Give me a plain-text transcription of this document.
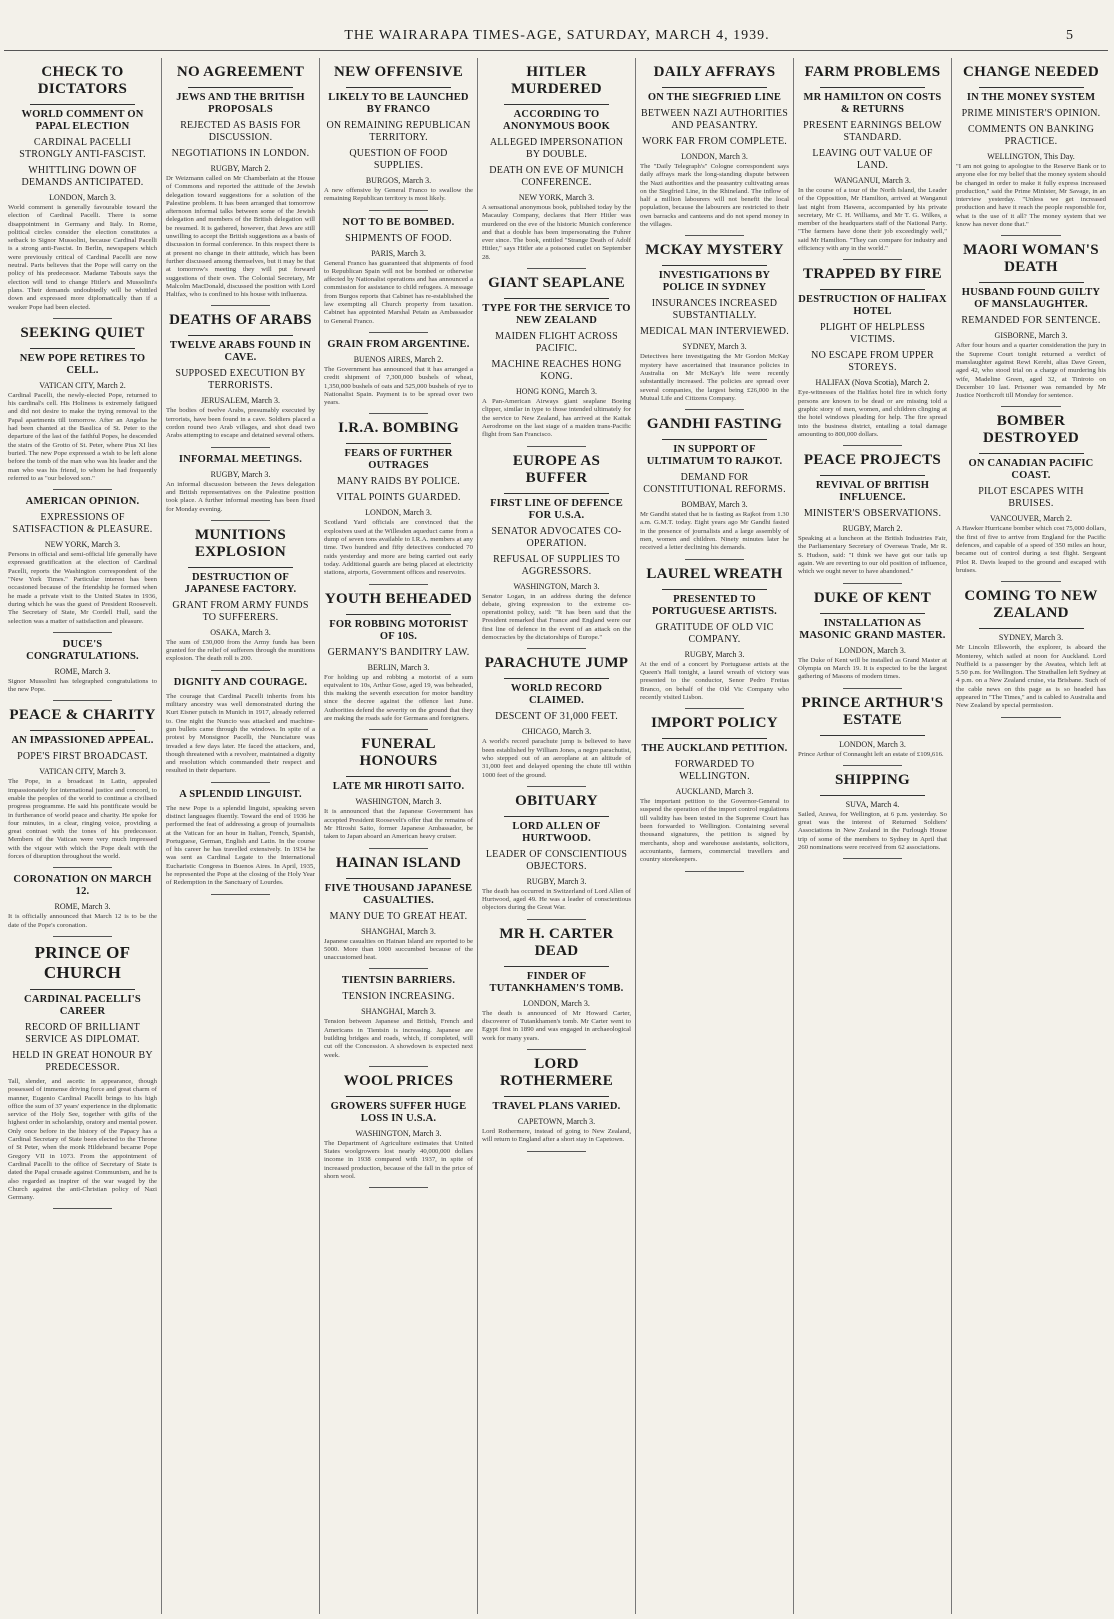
THE WAIRARAPA TIMES-AGE, SATURDAY, MARCH 4, 1939.	5
CHECK TO DICTATORS
WORLD COMMENT ON PAPAL ELECTION
CARDINAL PACELLI STRONGLY ANTI-FASCIST.
WHITTLING DOWN OF DEMANDS ANTICIPATED.
LONDON, March 3.

World comment is generally favourable toward the election of Cardinal Pacelli. There is some disappointment in Germany and Italy. In Rome, political circles consider the election constitutes a setback to Signor Mussolini, because Cardinal Pacelli is a strong anti-Fascist. In Berlin, newspapers which were previously critical of Cardinal Pacelli are now neutral. Paris believes that the Pope will carry on the policy of his predecessor. Madame Tabouis says the election will tend to change Hitler's and Mussolini's plans. Their demands undoubtedly will be whittled down and expressed more diplomatically than if a weaker Pope had been elected.

SEEKING QUIET
NEW POPE RETIRES TO CELL.
VATICAN CITY, March 2.

Cardinal Pacelli, the newly-elected Pope, returned to his cardinal's cell. His Holiness is extremely fatigued and did not desire to make the trying removal to the Papal apartments till tomorrow. After an Angelus he had been chanted at the Basilica of St. Peter to the departure of the last of the faithful Popes, he descended the stairs of the Grotto of St. Peter, where Pius XI lies buried. The new Pope expressed a wish to be left alone before the tomb of the man who was his leader and the man who was his friend, to whom he had frequently referred to as "our beloved son."

AMERICAN OPINION.
EXPRESSIONS OF SATISFACTION & PLEASURE.
NEW YORK, March 3.

Persons in official and semi-official life generally have expressed gratification at the election of Cardinal Pacelli, reports the Washington correspondent of the "New York Times." Particular interest has been occasioned because of the friendship he formed when he made a private visit to the United States in 1936, during which he was the guest of President Roosevelt. The Secretary of State, Mr Cordell Hull, said the selection was a matter of satisfaction and pleasure.

DUCE'S CONGRATULATIONS.
ROME, March 3.

Signor Mussolini has telegraphed congratulations to the new Pope.

PEACE & CHARITY
AN IMPASSIONED APPEAL.
POPE'S FIRST BROADCAST.
VATICAN CITY, March 3.

The Pope, in a broadcast in Latin, appealed impassionately for international justice and concord, to enable the peoples of the world to continue a civilised progress programme. He said his pontificate would be in furtherance of world peace and charity. He spoke for four minutes, in a clear, ringing voice, providing a great contrast with the tones of his predecessor. Members of the Vatican were very much impressed with the vigour with which the Pope dealt with the forces of disruption throughout the world.

CORONATION ON MARCH 12.
ROME, March 3.

It is officially announced that March 12 is to be the date of the Pope's coronation.

PRINCE OF CHURCH
CARDINAL PACELLI'S CAREER
RECORD OF BRILLIANT SERVICE AS DIPLOMAT.
HELD IN GREAT HONOUR BY PREDECESSOR.

Tall, slender, and ascetic in appearance, though possessed of immense driving force and great charm of manner, Eugenio Cardinal Pacelli brings to his high office the sum of 37 years' experience in the diplomatic service of the Holy See, together with gifts of the highest order in scholarship, oratory and mental power. Only once before in the history of the Papacy has a Cardinal Secretary of State been elected to the Throne of St Peter, when the monk Hildebrand became Pope Gregory VII in 1073. From the appointment of Cardinal Pacelli to the office of Secretary of State is dated the Papal crusade against Communism, and he is also regarded as inspirer of the war waged by the Church against the anti-Christian policy of Nazi Germany.

NO AGREEMENT
JEWS AND THE BRITISH PROPOSALS
REJECTED AS BASIS FOR DISCUSSION.
NEGOTIATIONS IN LONDON.
RUGBY, March 2.

Dr Weizmann called on Mr Chamberlain at the House of Commons and reported the attitude of the Jewish delegation toward suggestions for a solution of the Palestine problem. It has been arranged that tomorrow afternoon informal talks between some of the Jewish delegation and members of the British delegation will be resumed. It is gathered, however, that Jews are still unwilling to accept the British suggestions as a basis of discussion in formal conference. In this respect there is at present no change in their attitude, which has been further discussed among themselves, but it may be that at tomorrow's meeting they will put forward suggestions of their own. The Colonial Secretary, Mr Malcolm MacDonald, discussed the position with Lord Halifax, who is confined to his house with influenza.

DEATHS OF ARABS
TWELVE ARABS FOUND IN CAVE.
SUPPOSED EXECUTION BY TERRORISTS.
JERUSALEM, March 3.

The bodies of twelve Arabs, presumably executed by terrorists, have been found in a cave. Soldiers placed a cordon round two Arab villages, and shot dead two Arabs attempting to escape and detained several others.

INFORMAL MEETINGS.
RUGBY, March 3.

An informal discussion between the Jews delegation and British representatives on the Palestine position took place. A further informal meeting has been fixed for Monday evening.

MUNITIONS EXPLOSION
DESTRUCTION OF JAPANESE FACTORY.
GRANT FROM ARMY FUNDS TO SUFFERERS.
OSAKA, March 3.

The sum of £30,000 from the Army funds has been granted for the relief of sufferers through the munitions explosion. The death roll is 200.

DIGNITY AND COURAGE.

The courage that Cardinal Pacelli inherits from his military ancestry was well demonstrated during the Kurt Eisner putsch in Munich in 1917, already referred to. One night the Nuncio was attacked and machine-gun bullets came through the windows. In spite of a protest by Monsignor Pacelli, the Nunciature was invaded a few days later. He faced the attackers, and, though threatened with a revolver, maintained a dignity and resolution which commanded their respect and resulted in their departure.

A SPLENDID LINGUIST.

The new Pope is a splendid linguist, speaking seven distinct languages fluently. Toward the end of 1936 he performed the feat of addressing a group of journalists at the Vatican for an hour in Italian, French, Spanish, Portuguese, German, English and Latin. In the course of his career he has travelled extensively. In 1934 he was sent as Cardinal Legate to the International Eucharistic Congress in Buenos Aires. In April, 1935, he represented the Pope at the closing of the Holy Year of Redemption in the Sanctuary of Lourdes.

NEW OFFENSIVE
LIKELY TO BE LAUNCHED BY FRANCO
ON REMAINING REPUBLICAN TERRITORY.
QUESTION OF FOOD SUPPLIES.
BURGOS, March 3.

A new offensive by General Franco to swallow the remaining Republican territory is most likely.

NOT TO BE BOMBED.
SHIPMENTS OF FOOD.
PARIS, March 3.

General Franco has guaranteed that shipments of food to Republican Spain will not be bombed or otherwise affected by Nationalist operations and has announced a commission for assistance to child refugees. A message from Burgos reports that Cabinet has re-established the law exempting all Church property from taxation. Cabinet has appointed Marshal Petain as Ambassador to General Franco.

GRAIN FROM ARGENTINE.
BUENOS AIRES, March 2.

The Government has announced that it has arranged a credit shipment of 7,300,000 bushels of wheat, 1,350,000 bushels of oats and 525,000 bushels of rye to Nationalist Spain. Payment is to be spread over two years.

I.R.A. BOMBING
FEARS OF FURTHER OUTRAGES
MANY RAIDS BY POLICE.
VITAL POINTS GUARDED.
LONDON, March 3.

Scotland Yard officials are convinced that the explosives used at the Willesden aqueduct came from a dump of seven tons available to I.R.A. members at any time. Two hundred and fifty detectives conducted 70 raids yesterday and more are being carried out early today. Additional guards are being placed at electricity stations, airports, Government offices and reservoirs.

YOUTH BEHEADED
FOR ROBBING MOTORIST OF 10S.
GERMANY'S BANDITRY LAW.
BERLIN, March 3.

For holding up and robbing a motorist of a sum equivalent to 10s, Arthur Gose, aged 19, was beheaded, this making the seventh execution for motor banditry since the decree against the offence last June. Authorities defend the severity on the ground that they are making the roads safe for Germans and foreigners.

FUNERAL HONOURS
LATE MR HIROTI SAITO.
WASHINGTON, March 3.

It is announced that the Japanese Government has accepted President Roosevelt's offer that the remains of Mr Hiroshi Saito, former Japanese Ambassador, be taken to Japan aboard an American heavy cruiser.

HAINAN ISLAND
FIVE THOUSAND JAPANESE CASUALTIES.
MANY DUE TO GREAT HEAT.
SHANGHAI, March 3.

Japanese casualties on Hainan Island are reported to be 5000. More than 1000 succumbed because of the unaccustomed heat.

TIENTSIN BARRIERS.
TENSION INCREASING.
SHANGHAI, March 3.

Tension between Japanese and British, French and Americans in Tientsin is increasing. Japanese are building bridges and roads, which, if completed, will cut off the Concession. A showdown is expected next week.

WOOL PRICES
GROWERS SUFFER HUGE LOSS IN U.S.A.
WASHINGTON, March 3.

The Department of Agriculture estimates that United States woolgrowers lost nearly 40,000,000 dollars income in 1938 compared with 1937, in spite of increased production, because of the fall in the price of shorn wool.

HITLER MURDERED
ACCORDING TO ANONYMOUS BOOK
ALLEGED IMPERSONATION BY DOUBLE.
DEATH ON EVE OF MUNICH CONFERENCE.
NEW YORK, March 3.

A sensational anonymous book, published today by the Macaulay Company, declares that Herr Hitler was murdered on the eve of the historic Munich conference and that a double has been impersonating the Fuhrer ever since. The book, entitled "Strange Death of Adolf Hitler," says Hitler ate a poisoned cutlet on September 28.

GIANT SEAPLANE
TYPE FOR THE SERVICE TO NEW ZEALAND
MAIDEN FLIGHT ACROSS PACIFIC.
MACHINE REACHES HONG KONG.
HONG KONG, March 3.

A Pan-American Airways giant seaplane Boeing clipper, similar in type to those intended ultimately for the service to New Zealand, has arrived at the Kaitak Aerodrome on the last stage of a maiden trans-Pacific flight from San Francisco.

EUROPE AS BUFFER
FIRST LINE OF DEFENCE FOR U.S.A.
SENATOR ADVOCATES CO-OPERATION.
REFUSAL OF SUPPLIES TO AGGRESSORS.
WASHINGTON, March 3.

Senator Logan, in an address during the defence debate, giving expression to the extreme co-operationist policy, said: "It has been said that the President remarked that France and England were our first line of defence in the event of an attack on the democracies by the dictatorships of Europe."

PARACHUTE JUMP
WORLD RECORD CLAIMED.
DESCENT OF 31,000 FEET.
CHICAGO, March 3.

A world's record parachute jump is believed to have been established by William Jones, a negro parachutist, who stepped out of an aeroplane at an altitude of 31,000 feet and delayed opening the chute till within 1000 feet of the ground.

OBITUARY
LORD ALLEN OF HURTWOOD.
LEADER OF CONSCIENTIOUS OBJECTORS.
RUGBY, March 3.

The death has occurred in Switzerland of Lord Allen of Hurtwood, aged 49. He was a leader of conscientious objectors during the Great War.

MR H. CARTER DEAD
FINDER OF TUTANKHAMEN'S TOMB.
LONDON, March 3.

The death is announced of Mr Howard Carter, discoverer of Tutankhamen's tomb. Mr Carter went to Egypt first in 1890 and was engaged in archaeological work for many years.

LORD ROTHERMERE
TRAVEL PLANS VARIED.
CAPETOWN, March 3.

Lord Rothermere, instead of going to New Zealand, will return to England after a short stay in Capetown.

DAILY AFFRAYS
ON THE SIEGFRIED LINE
BETWEEN NAZI AUTHORITIES AND PEASANTRY.
WORK FAR FROM COMPLETE.
LONDON, March 3.

The "Daily Telegraph's" Cologne correspondent says daily affrays mark the long-standing dispute between the Nazi authorities and the peasantry cultivating areas on the Siegfried Line, in the Rhineland. The inflow of half a million labourers will not benefit the local population, because the labourers are restricted to their own barracks and canteens and do not spend money in the villages.

MCKAY MYSTERY
INVESTIGATIONS BY POLICE IN SYDNEY
INSURANCES INCREASED SUBSTANTIALLY.
MEDICAL MAN INTERVIEWED.
SYDNEY, March 3.

Detectives here investigating the Mr Gordon McKay mystery have ascertained that insurance policies in Australia on Mr McKay's life were recently substantially increased. The policies are spread over several companies, the largest being £26,000 in the Mutual Life and Citizens Company.

GANDHI FASTING
IN SUPPORT OF ULTIMATUM TO RAJKOT.
DEMAND FOR CONSTITUTIONAL REFORMS.
BOMBAY, March 3.

Mr Gandhi stated that he is fasting as Rajkot from 1.30 a.m. G.M.T. today. Eight years ago Mr Gandhi fasted in the presence of journalists and a large assembly of men, women and children. Ninety minutes later he received a letter declining his demands.

LAUREL WREATH
PRESENTED TO PORTUGUESE ARTISTS.
GRATITUDE OF OLD VIC COMPANY.
RUGBY, March 3.

At the end of a concert by Portuguese artists at the Queen's Hall tonight, a laurel wreath of victory was presented to the conductor, Senor Pedro Freitas Branco, on behalf of the Old Vic Company who recently visited Lisbon.

IMPORT POLICY
THE AUCKLAND PETITION.
FORWARDED TO WELLINGTON.
AUCKLAND, March 3.

The important petition to the Governor-General to suspend the operation of the import control regulations till validity has been tested in the Supreme Court has been forwarded to Wellington. Containing several thousand signatures, the petition is signed by merchants, shop and warehouse assistants, solicitors, accountants, farmers, commercial travellers and country storekeepers.

FARM PROBLEMS
MR HAMILTON ON COSTS & RETURNS
PRESENT EARNINGS BELOW STANDARD.
LEAVING OUT VALUE OF LAND.
WANGANUI, March 3.

In the course of a tour of the North Island, the Leader of the Opposition, Mr Hamilton, arrived at Wanganui last night from Hawera, accompanied by his private secretary, Mr C. H. Williams, and Mr T. G. Wilkes, a member of the headquarters staff of the National Party. "The farmers have done their job exceedingly well," said Mr Hamilton. "They can compare for industry and efficiency with any in the world."

TRAPPED BY FIRE
DESTRUCTION OF HALIFAX HOTEL
PLIGHT OF HELPLESS VICTIMS.
NO ESCAPE FROM UPPER STOREYS.
HALIFAX (Nova Scotia), March 2.

Eye-witnesses of the Halifax hotel fire in which forty persons are known to be dead or are missing told a graphic story of men, women, and children clinging at the hotel windows pleading for help. The fire spread into the business district, entailing a total damage amounting to 800,000 dollars.

PEACE PROJECTS
REVIVAL OF BRITISH INFLUENCE.
MINISTER'S OBSERVATIONS.
RUGBY, March 2.

Speaking at a luncheon at the British Industries Fair, the Parliamentary Secretary of Overseas Trade, Mr R. S. Hudson, said: "I think we have got our tails up again. We are reverting to our old position of influence, which we ought never to have abandoned."

DUKE OF KENT
INSTALLATION AS MASONIC GRAND MASTER.
LONDON, March 3.

The Duke of Kent will be installed as Grand Master at Olympia on March 19. It is expected to be the largest gathering of Masons of modern times.

PRINCE ARTHUR'S ESTATE
LONDON, March 3.

Prince Arthur of Connaught left an estate of £109,616.

SHIPPING
SUVA, March 4.

Sailed, Arawa, for Wellington, at 6 p.m. yesterday. So great was the interest of Returned Soldiers' Associations in New Zealand in the Furlough House trip of some of the members to Sydney in April that 260 nominations were received from 62 associations.

CHANGE NEEDED
IN THE MONEY SYSTEM
PRIME MINISTER'S OPINION.
COMMENTS ON BANKING PRACTICE.
WELLINGTON, This Day.

"I am not going to apologise to the Reserve Bank or to anyone else for my belief that the money system should be changed in order to make it fully express increased production," said the Prime Minister, Mr Savage, in an interview yesterday. "Unless we get increased production and have it reach the people responsible for, what is the use of it all? The money system that we know has never done that."

MAORI WOMAN'S DEATH
HUSBAND FOUND GUILTY OF MANSLAUGHTER.
REMANDED FOR SENTENCE.
GISBORNE, March 3.

After four hours and a quarter consideration the jury in the Supreme Court tonight returned a verdict of manslaughter against Rewi Kerehi, alias Dave Green, aged 42, who stood trial on a charge of murdering his wife, Madeline Green, aged 32, at Tiniroto on December 10 last. Prisoner was remanded by Mr Justice Northcroft till Monday for sentence.

BOMBER DESTROYED
ON CANADIAN PACIFIC COAST.
PILOT ESCAPES WITH BRUISES.
VANCOUVER, March 2.

A Hawker Hurricane bomber which cost 75,000 dollars, the first of five to arrive from England for the Pacific defences, and capable of a speed of 350 miles an hour, became out of control during a test flight. Sergeant Pilot R. Davis leaped to the ground and escaped with bruises.

COMING TO NEW ZEALAND
SYDNEY, March 3.

Mr Lincoln Ellsworth, the explorer, is aboard the Monterey, which sailed at noon for Auckland. Lord Nuffield is a passenger by the Awatea, which left at 5.50 p.m. for Wellington. The Strathallen left Sydney at 4 p.m. on a New Zealand cruise, via Brisbane. Such of the cable news on this page as is so headed has appeared in "The Times," and is cabled to Australia and New Zealand by special permission.
